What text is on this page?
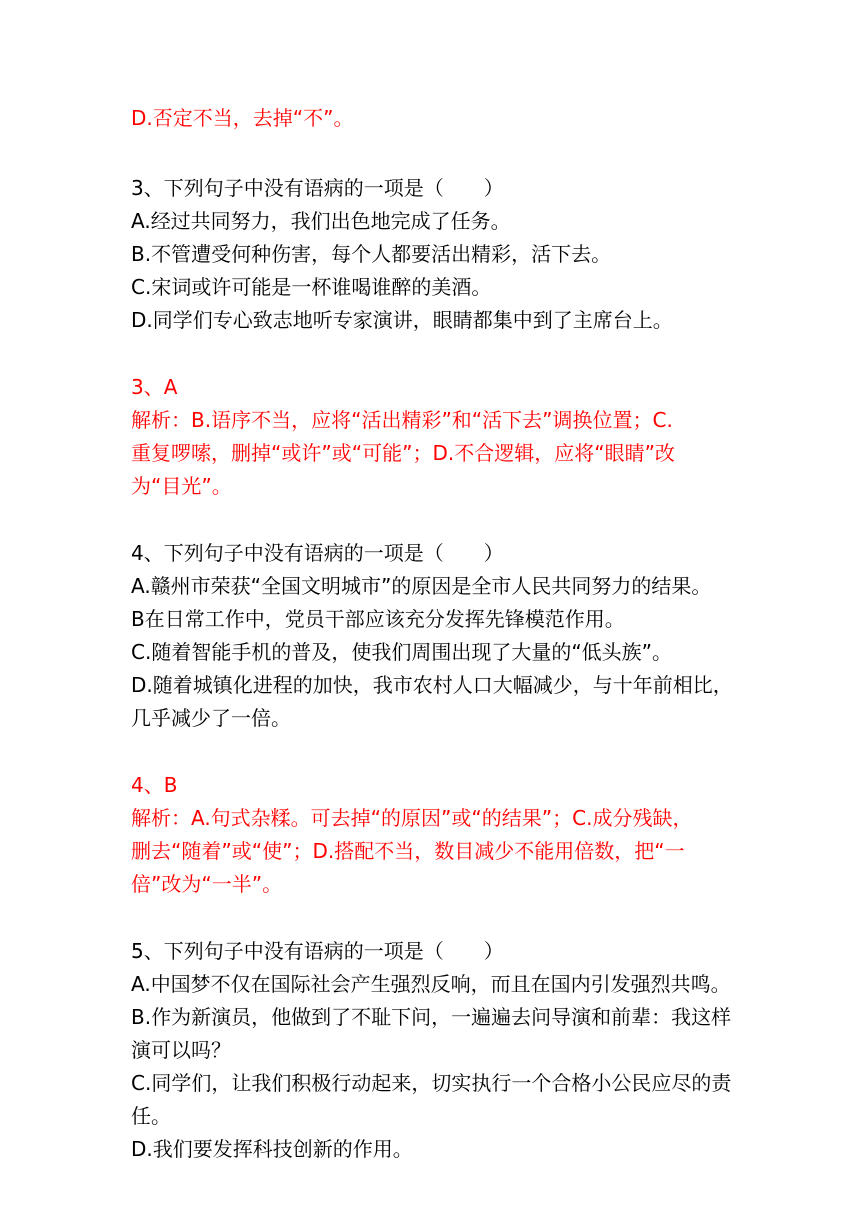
D.否定不当，去掉“不”。
3、下列句子中没有语病的一项是（　　）
A.经过共同努力，我们出色地完成了任务。
B.不管遭受何种伤害，每个人都要活出精彩，活下去。
C.宋词或许可能是一杯谁喝谁醉的美酒。
D.同学们专心致志地听专家演讲，眼睛都集中到了主席台上。
3、A
解析：B.语序不当，应将“活出精彩”和“活下去”调换位置；C.
重复啰嗦，删掉“或许”或“可能”；D.不合逻辑，应将“眼睛”改
为“目光”。
4、下列句子中没有语病的一项是（　　）
A.赣州市荣获“全国文明城市”的原因是全市人民共同努力的结果。
B在日常工作中，党员干部应该充分发挥先锋模范作用。
C.随着智能手机的普及，使我们周围出现了大量的“低头族”。
D.随着城镇化进程的加快，我市农村人口大幅减少，与十年前相比，
几乎减少了一倍。
4、B
解析：A.句式杂糅。可去掉“的原因”或“的结果”；C.成分残缺，
删去“随着”或“使”；D.搭配不当，数目减少不能用倍数，把“一
倍”改为“一半”。
5、下列句子中没有语病的一项是（　　）
A.中国梦不仅在国际社会产生强烈反响，而且在国内引发强烈共鸣。
B.作为新演员，他做到了不耻下问，一遍遍去问导演和前辈：我这样
演可以吗？
C.同学们，让我们积极行动起来，切实执行一个合格小公民应尽的责
任。
D.我们要发挥科技创新的作用。
